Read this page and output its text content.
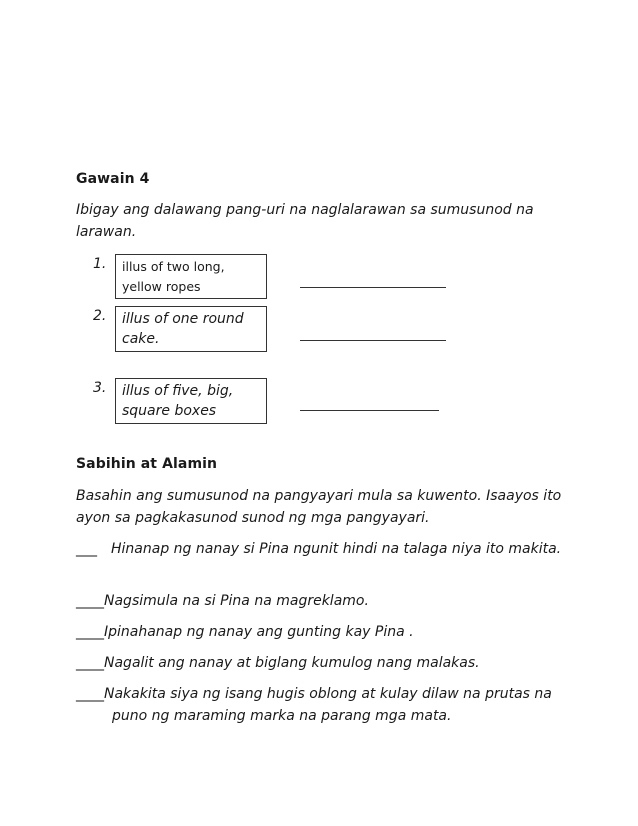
Gawain 4
Ibigay ang dalawang pang-uri na naglalarawan sa sumusunod na larawan.
1. illus of two long,
yellow ropes
2. illus of one round
cake.
3. illus of five, big,
square boxes
Sabihin at Alamin
Basahin ang sumusunod na pangyayari mula sa kuwento. Isaayos ito ayon sa pagkakasunod sunod ng mga pangyayari.
___ Hinanap ng nanay si Pina ngunit hindi na talaga niya ito makita.
____Nagsimula na si Pina na magreklamo.
____Ipinahanap ng nanay ang gunting kay Pina .
____Nagalit ang nanay at biglang kumulog nang malakas.
____Nakakita siya ng isang hugis oblong at kulay dilaw na prutas na puno ng maraming marka na parang mga mata.
